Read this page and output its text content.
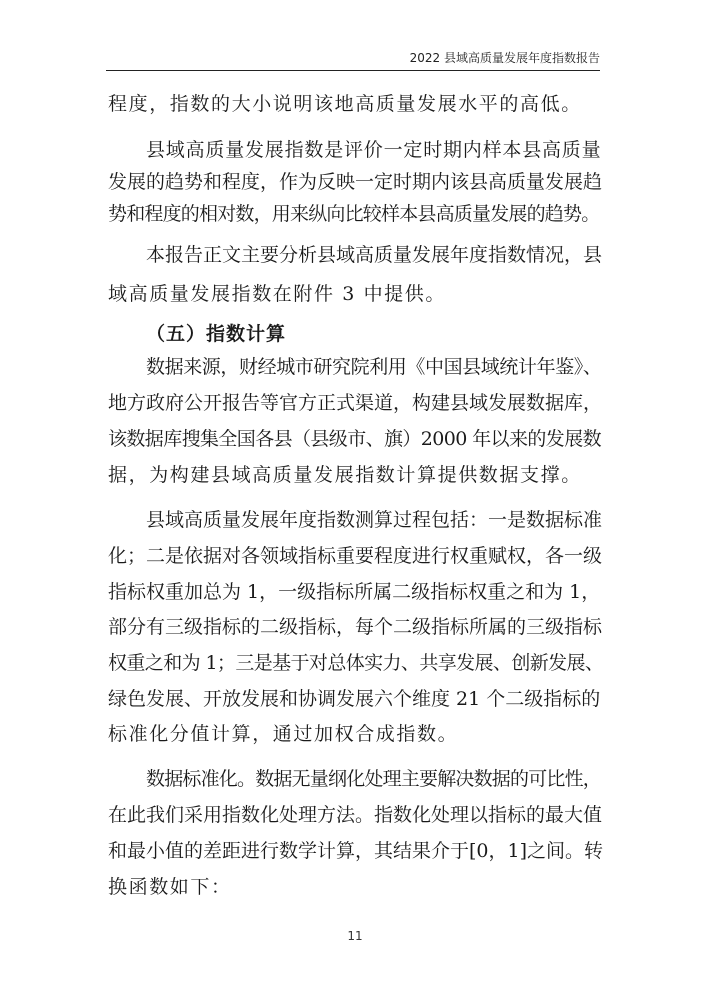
2022 县域高质量发展年度指数报告
程度，指数的大小说明该地高质量发展水平的高低。
县域高质量发展指数是评价一定时期内样本县高质量
发展的趋势和程度，作为反映一定时期内该县高质量发展趋
势和程度的相对数，用来纵向比较样本县高质量发展的趋势。
本报告正文主要分析县域高质量发展年度指数情况，县
域高质量发展指数在附件 3 中提供。
（五）指数计算
数据来源，财经城市研究院利用《中国县域统计年鉴》、
地方政府公开报告等官方正式渠道，构建县域发展数据库，
该数据库搜集全国各县（县级市、旗）2000 年以来的发展数
据，为构建县域高质量发展指数计算提供数据支撑。
县域高质量发展年度指数测算过程包括：一是数据标准
化；二是依据对各领域指标重要程度进行权重赋权，各一级
指标权重加总为 1，一级指标所属二级指标权重之和为 1，
部分有三级指标的二级指标，每个二级指标所属的三级指标
权重之和为 1；三是基于对总体实力、共享发展、创新发展、
绿色发展、开放发展和协调发展六个维度 21 个二级指标的
标准化分值计算，通过加权合成指数。
数据标准化。数据无量纲化处理主要解决数据的可比性，
在此我们采用指数化处理方法。指数化处理以指标的最大值
和最小值的差距进行数学计算，其结果介于[0，1]之间。转
换函数如下：
11
